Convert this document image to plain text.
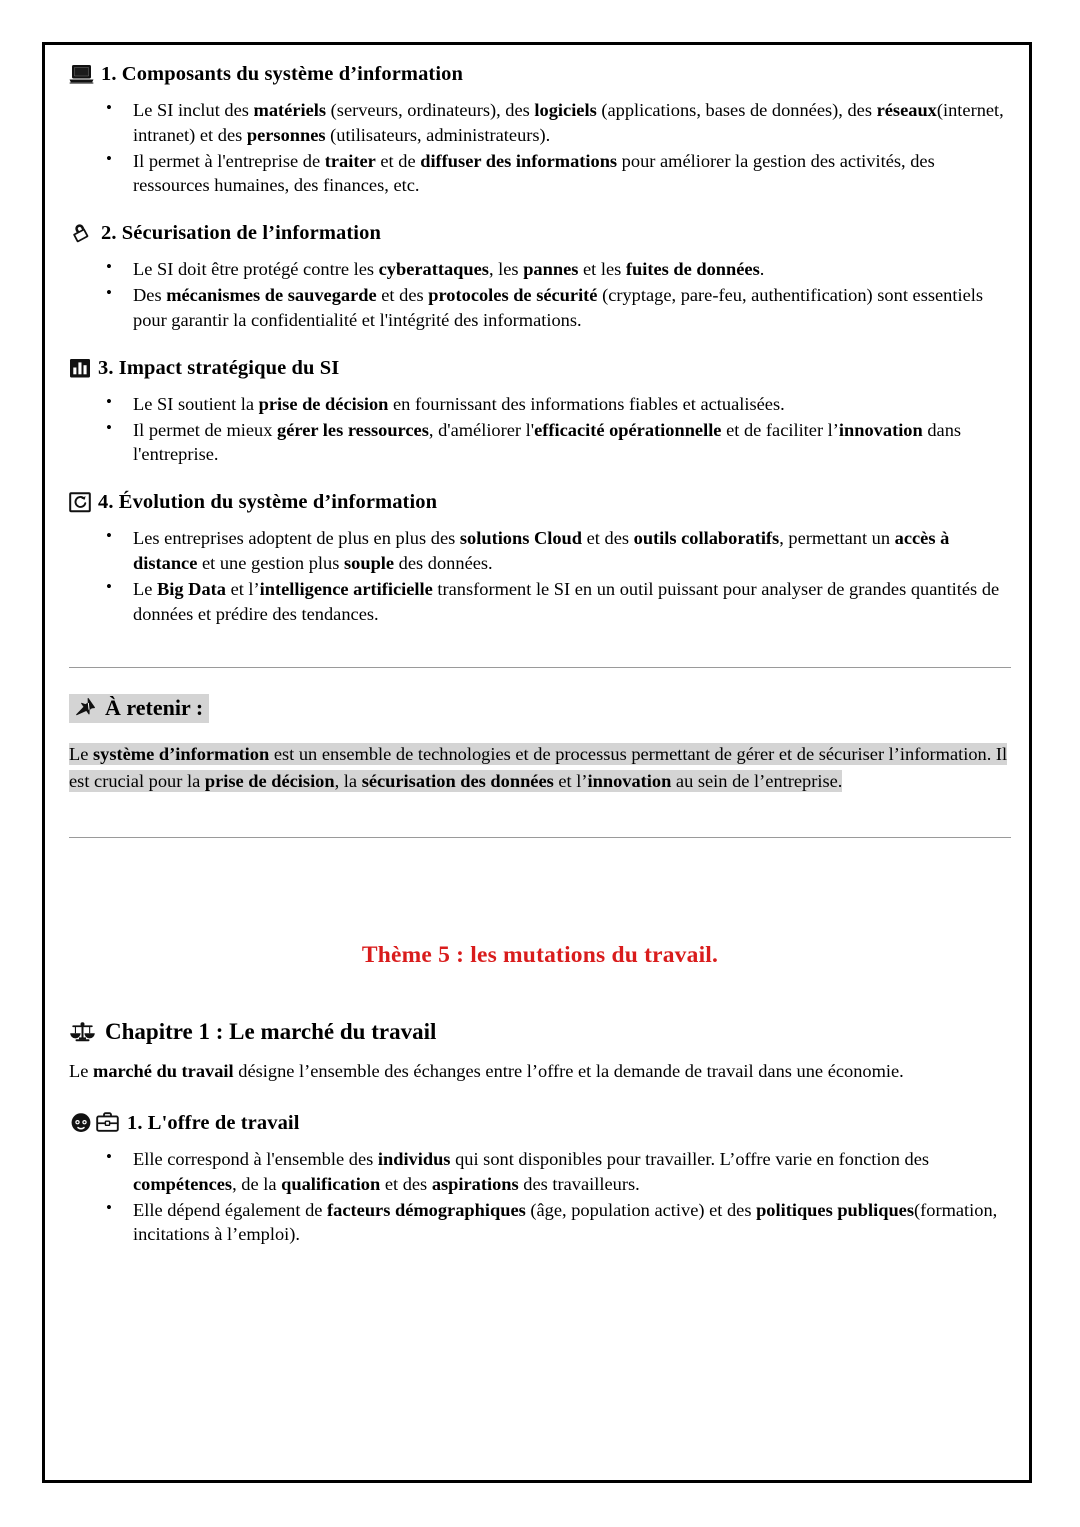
1. Composants du système d’information
• Le SI inclut des matériels (serveurs, ordinateurs), des logiciels (applications, bases de données), des réseaux(internet, intranet) et des personnes (utilisateurs, administrateurs).
• Il permet à l'entreprise de traiter et de diffuser des informations pour améliorer la gestion des activités, des ressources humaines, des finances, etc.
2. Sécurisation de l’information
• Le SI doit être protégé contre les cyberattaques, les pannes et les fuites de données.
• Des mécanismes de sauvegarde et des protocoles de sécurité (cryptage, pare-feu, authentification) sont essentiels pour garantir la confidentialité et l'intégrité des informations.
3. Impact stratégique du SI
• Le SI soutient la prise de décision en fournissant des informations fiables et actualisées.
• Il permet de mieux gérer les ressources, d'améliorer l'efficacité opérationnelle et de faciliter l’innovation dans l'entreprise.
4. Évolution du système d’information
• Les entreprises adoptent de plus en plus des solutions Cloud et des outils collaboratifs, permettant un accès à distance et une gestion plus souple des données.
• Le Big Data et l’intelligence artificielle transforment le SI en un outil puissant pour analyser de grandes quantités de données et prédire des tendances.
À retenir :

Le système d’information est un ensemble de technologies et de processus permettant de gérer et de sécuriser l’information. Il est crucial pour la prise de décision, la sécurisation des données et l’innovation au sein de l’entreprise.

Thème 5 : les mutations du travail.

Chapitre 1 : Le marché du travail

Le marché du travail désigne l’ensemble des échanges entre l’offre et la demande de travail dans une économie.

1. L'offre de travail
• Elle correspond à l'ensemble des individus qui sont disponibles pour travailler. L’offre varie en fonction des compétences, de la qualification et des aspirations des travailleurs.
• Elle dépend également de facteurs démographiques (âge, population active) et des politiques publiques(formation, incitations à l’emploi).
